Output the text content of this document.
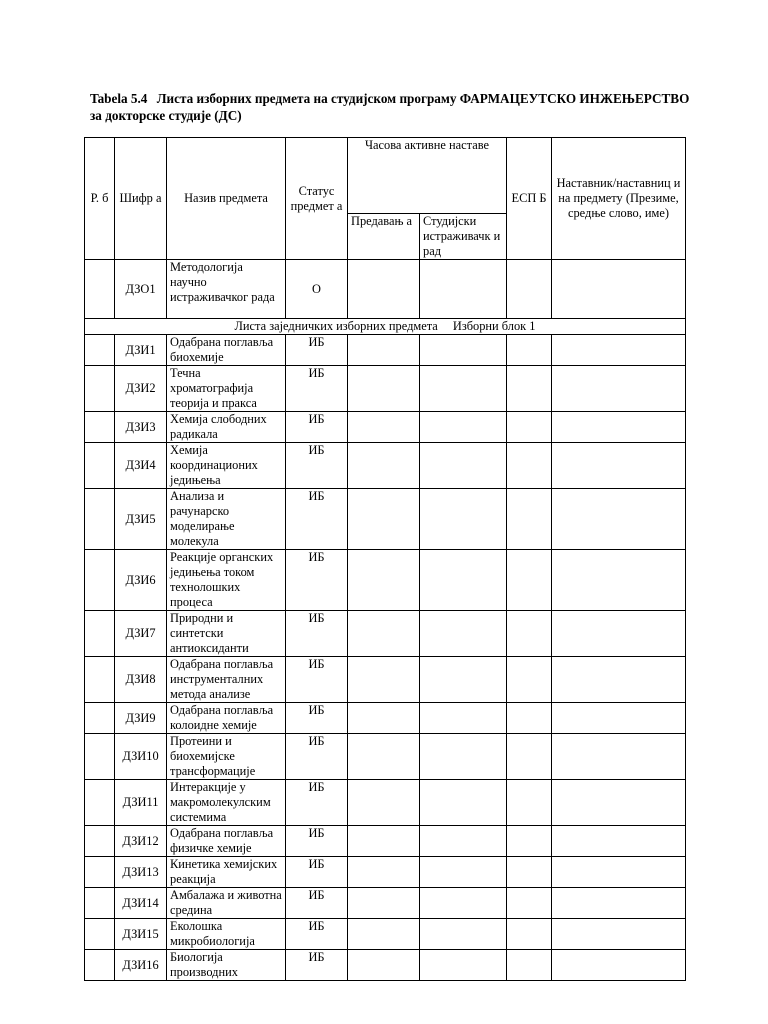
Tabela 5.4 Листа изборних предмета на студијском програму ФАРМАЦЕУТСКО ИНЖЕЊЕРСТВО за докторске студије (ДС)
Р. б	Шифр а	Назив предмета	Статус предмет а	Часова активне наставе		ЕСП Б	Наставник/наставниц и на предмету (Презиме, средње слово, име)
				Предавањ а	Студијски истраживачк и рад		
	ДЗО1	Методологија научно истраживачког рада	О				
Листа заједничких изборних предмета Изборни блок 1							
	ДЗИ1	Одабрана поглавља биохемије	ИБ				
	ДЗИ2	Течна хроматографија теорија и пракса	ИБ				
	ДЗИ3	Хемија слободних радикала	ИБ				
	ДЗИ4	Хемија координационих једињења	ИБ				
	ДЗИ5	Анализа и рачунарско моделирање молекула	ИБ				
	ДЗИ6	Реакције органских једињења током технолошких процеса	ИБ				
	ДЗИ7	Природни и синтетски антиоксиданти	ИБ				
	ДЗИ8	Одабрана поглавља инструменталних метода анализе	ИБ				
	ДЗИ9	Одабрана поглавља колоидне хемије	ИБ				
	ДЗИ10	Протеини и биохемијске трансформације	ИБ				
	ДЗИ11	Интеракције у макромолекулским системима	ИБ				
	ДЗИ12	Одабрана поглавља физичке хемије	ИБ				
	ДЗИ13	Кинетика хемијских реакција	ИБ				
	ДЗИ14	Амбалажа и животна средина	ИБ				
	ДЗИ15	Еколошка микробиологија	ИБ				
	ДЗИ16	Биологија производних	ИБ				
